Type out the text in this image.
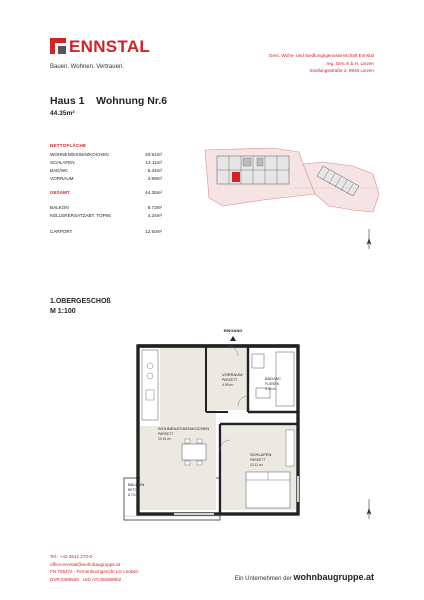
ENNSTAL
Bauen. Wohnen. Vertrauen.
Gem. Wohn- und Siedlungsgenossenschaft Ennstal
reg. Gen.m.b.H. Liezen
Siedlungsstraße 2, 8940 Liezen
Haus 1 Wohnung Nr.6
44.35m²
NETTOFLÄCHE
WOHNEN/ESSEN/KOCHEN	20.91m²
SCHLAFEN	13.11m²
BAD/WC	5.34m²
VORRAUM	4.99m²
GESAMT	44.35m²
BALKON	8.73m²
KELLERERSATZABT. TOP06	4.24m²
CARPORT	12.50m²
1.OBERGESCHOß
M 1:100
EINGANG
VORRAUM
PARKETT
4.99 m²
BAD/WC
FLIESEN
5.34 m²
WOHNEN/ESSEN/KOCHEN
PARKETT
20.91 m²
SCHLAFEN
PARKETT
13.11 m²
BALKON
BETON
8.73 m²
Tel.: +43 3612 273-0
office-ennstal@wohnbaugruppe.at
FN 75547z · Firmenbuchgericht LG Leoben
DVR:0389528 · UID ATU38286802	Ein Unternehmen der wohnbaugruppe.at
